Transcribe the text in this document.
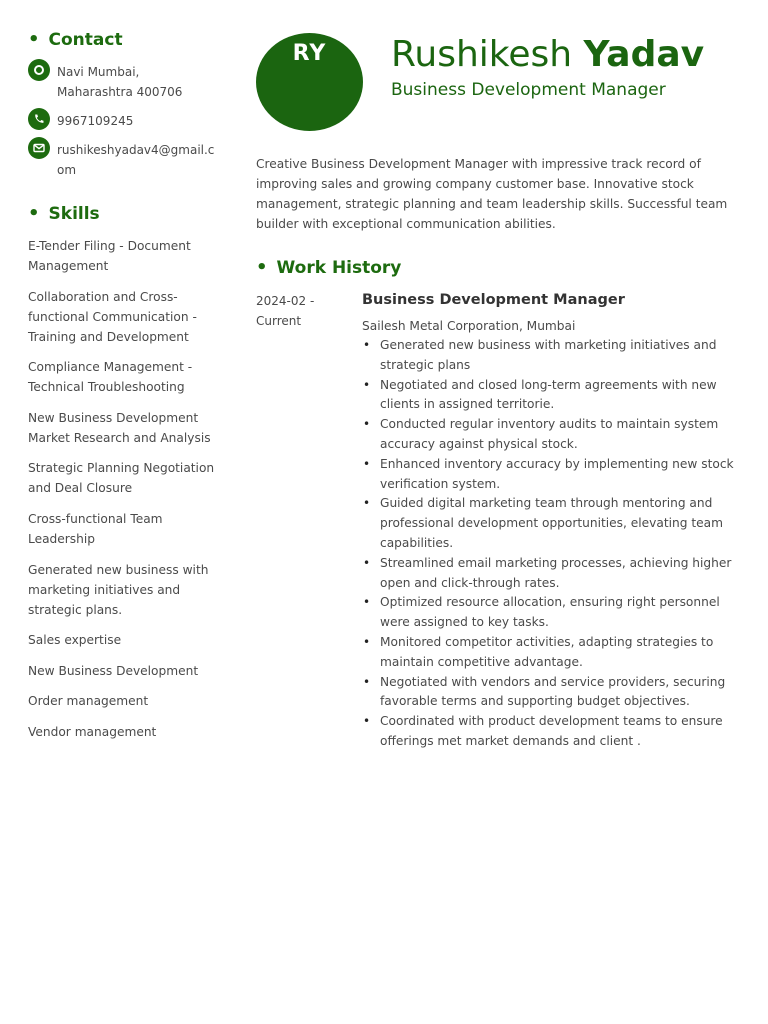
• Contact
Navi Mumbai, Maharashtra 400706
9967109245
rushikeshyadav4@gmail.com
• Skills
E-Tender Filing - Document Management
Collaboration and Cross-functional Communication - Training and Development
Compliance Management - Technical Troubleshooting
New Business Development Market Research and Analysis
Strategic Planning Negotiation and Deal Closure
Cross-functional Team Leadership
Generated new business with marketing initiatives and strategic plans.
Sales expertise
New Business Development
Order management
Vendor management
RY	Rushikesh Yadav
Business Development Manager
Creative Business Development Manager with impressive track record of improving sales and growing company customer base. Innovative stock management, strategic planning and team leadership skills. Successful team builder with exceptional communication abilities.
• Work History
2024-02 -
Current
Business Development Manager
Sailesh Metal Corporation, Mumbai
• Generated new business with marketing initiatives and strategic plans
• Negotiated and closed long-term agreements with new clients in assigned territorie.
• Conducted regular inventory audits to maintain system accuracy against physical stock.
• Enhanced inventory accuracy by implementing new stock verification system.
• Guided digital marketing team through mentoring and professional development opportunities, elevating team capabilities.
• Streamlined email marketing processes, achieving higher open and click-through rates.
• Optimized resource allocation, ensuring right personnel were assigned to key tasks.
• Monitored competitor activities, adapting strategies to maintain competitive advantage.
• Negotiated with vendors and service providers, securing favorable terms and supporting budget objectives.
• Coordinated with product development teams to ensure offerings met market demands and client .
